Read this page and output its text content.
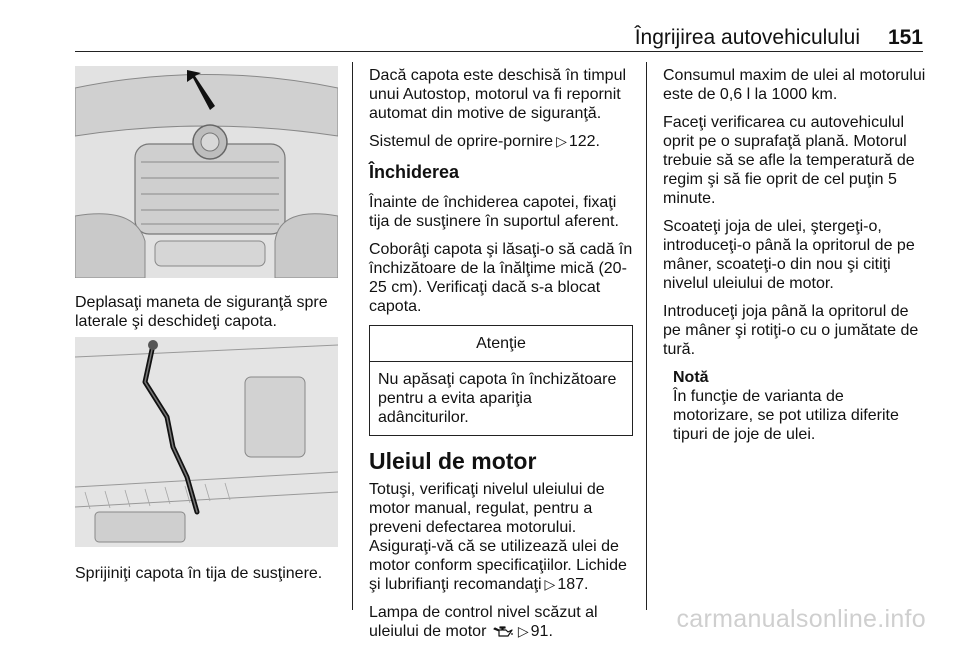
Îngrijirea autovehiculului 151

Deplasaţi maneta de siguranţă spre laterale şi deschideţi capota.

Sprijiniţi capota în tija de susţinere.

Dacă capota este deschisă în timpul unui Autostop, motorul va fi repornit automat din motive de siguranţă.

Sistemul de oprire-pornire ▷ 122.

Închiderea

Înainte de închiderea capotei, fixaţi tija de susţinere în suportul aferent.

Coborâţi capota şi lăsaţi-o să cadă în închizătoare de la înălţime mică (20-25 cm). Verificaţi dacă s-a blocat capota.

Atenţie
Nu apăsaţi capota în închizătoare pentru a evita apariţia adânciturilor.
Uleiul de motor

Totuşi, verificaţi nivelul uleiului de motor manual, regulat, pentru a preveni defectarea motorului.

Asiguraţi-vă că se utilizează ulei de motor conform specificaţiilor. Lichide şi lubrifianţi recomandaţi ▷ 187.

Lampa de control nivel scăzut al uleiului de motor ▷ 91.

Consumul maxim de ulei al motorului este de 0,6 l la 1000 km.

Faceţi verificarea cu autovehiculul oprit pe o suprafaţă plană. Motorul trebuie să se afle la temperatură de regim şi să fie oprit de cel puţin 5 minute.

Scoateţi joja de ulei, ştergeţi-o, introduceţi-o până la opritorul de pe mâner, scoateţi-o din nou şi citiţi nivelul uleiului de motor.

Introduceţi joja până la opritorul de pe mâner şi rotiţi-o cu o jumătate de tură.

Notă
În funcţie de varianta de motorizare, se pot utiliza diferite tipuri de joje de ulei.
carmanualsonline.info
